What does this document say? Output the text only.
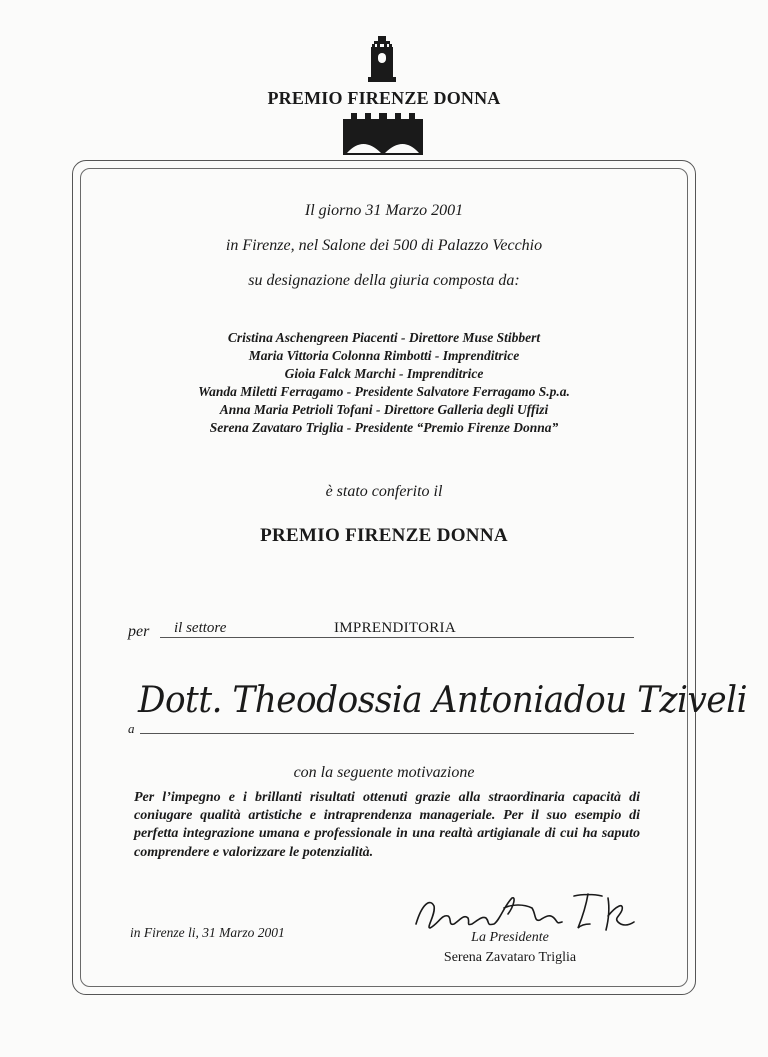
PREMIO FIRENZE DONNA
Il giorno 31 Marzo 2001
in Firenze, nel Salone dei 500 di Palazzo Vecchio
su designazione della giuria composta da:
Cristina Aschengreen Piacenti - Direttore Muse Stibbert
Maria Vittoria Colonna Rimbotti - Imprenditrice
Gioia Falck Marchi - Imprenditrice
Wanda Miletti Ferragamo - Presidente Salvatore Ferragamo S.p.a.
Anna Maria Petrioli Tofani - Direttore Galleria degli Uffizi
Serena Zavataro Triglia - Presidente “Premio Firenze Donna”
è stato conferito il
PREMIO FIRENZE DONNA
per il settore	IMPRENDITORIA
a
Dott. Theodossia Antoniadou Tziveli
con la seguente motivazione
Per l’impegno e i brillanti risultati ottenuti grazie alla straordinaria capacità di coniugare qualità artistiche e intraprendenza manageriale. Per il suo esempio di perfetta integrazione umana e professionale in una realtà artigianale di cui ha saputo comprendere e valorizzare le potenzialità.
in Firenze li, 31 Marzo 2001	La Presidente
Serena Zavataro Triglia
